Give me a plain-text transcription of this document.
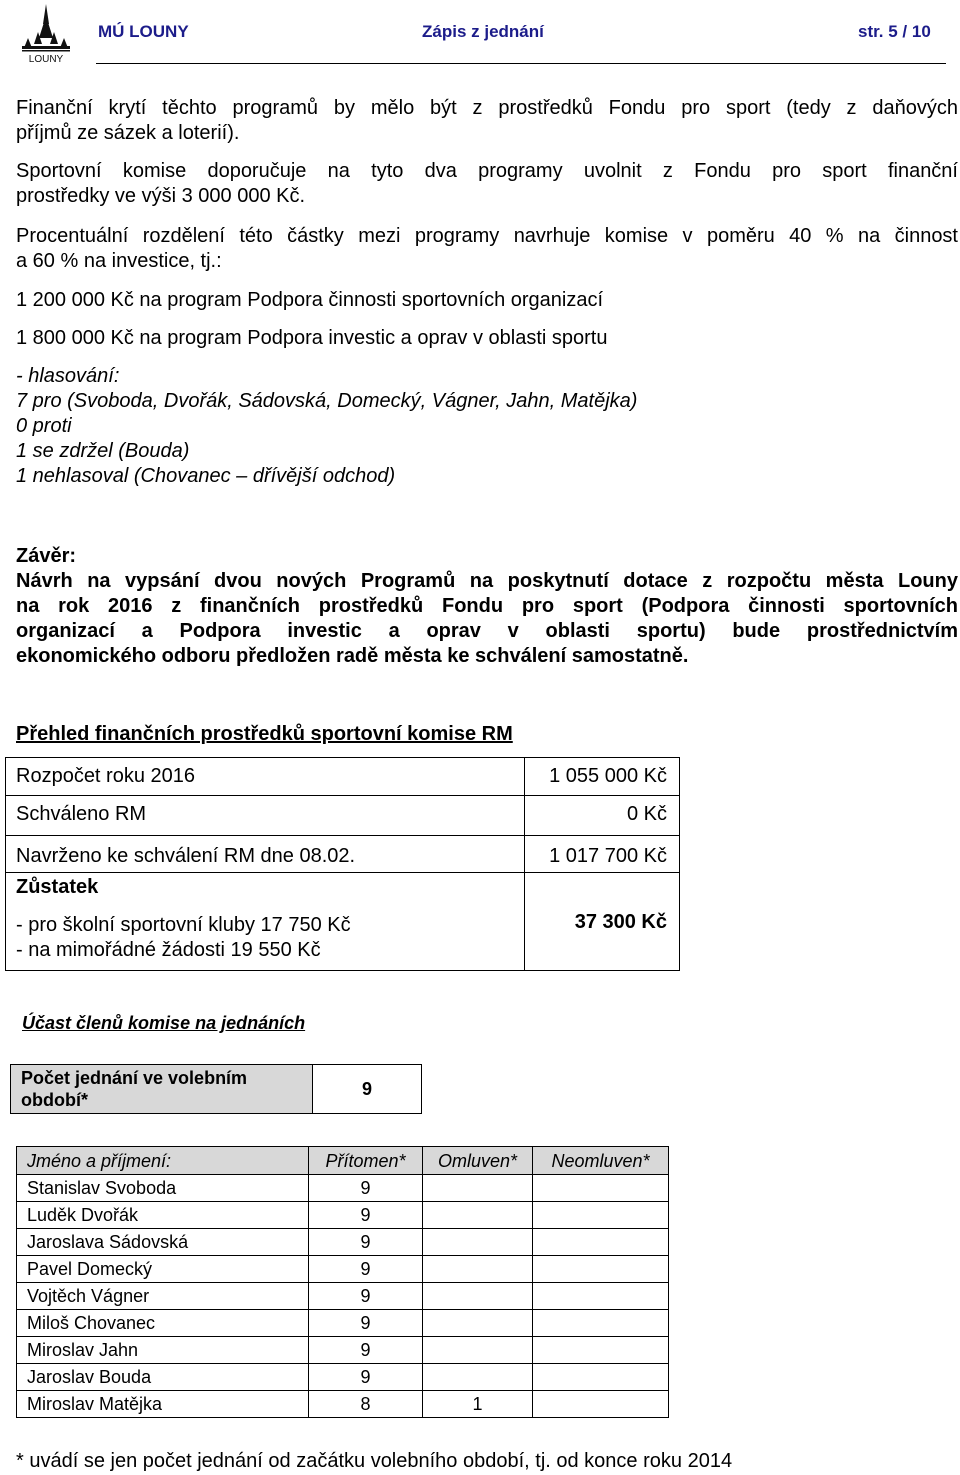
LOUNY
MÚ LOUNY	Zápis z jednání	str. 5 / 10
Finanční krytí těchto programů by mělo být z prostředků Fondu pro sport (tedy z daňových
příjmů ze sázek a loterií).
Sportovní komise doporučuje na tyto dva programy uvolnit z Fondu pro sport finanční
prostředky ve výši 3 000 000 Kč.
Procentuální rozdělení této částky mezi programy navrhuje komise v poměru 40 % na činnost
a 60 % na investice, tj.:
1 200 000 Kč na program Podpora činnosti sportovních organizací
1 800 000 Kč na program Podpora investic a oprav v oblasti sportu
- hlasování:
7 pro (Svoboda, Dvořák, Sádovská, Domecký, Vágner, Jahn, Matějka)
0 proti
1 se zdržel (Bouda)
1 nehlasoval (Chovanec – dřívější odchod)
Závěr:
Návrh na vypsání dvou nových Programů na poskytnutí dotace z rozpočtu města Louny
na rok 2016 z finančních prostředků Fondu pro sport (Podpora činnosti sportovních
organizací a Podpora investic a oprav v oblasti sportu) bude prostřednictvím
ekonomického odboru předložen radě města ke schválení samostatně.
Přehled finančních prostředků sportovní komise RM
Rozpočet roku 2016	1 055 000 Kč
Schváleno RM	0 Kč
Navrženo ke schválení RM dne 08.02.	1 017 700 Kč

Zůstatek
- pro školní sportovní kluby 17 750 Kč
- na mimořádné žádosti 19 550 Kč	37 300 Kč
Účast členů komise na jednáních
Počet jednání ve volebním období*	9
Jméno a příjmení:	Přítomen*	Omluven*	Neomluven*
Stanislav Svoboda	9		
Luděk Dvořák	9		
Jaroslava Sádovská	9		
Pavel Domecký	9		
Vojtěch Vágner	9		
Miloš Chovanec	9		
Miroslav Jahn	9		
Jaroslav Bouda	9		
Miroslav Matějka	8	1	
* uvádí se jen počet jednání od začátku volebního období, tj. od konce roku 2014
